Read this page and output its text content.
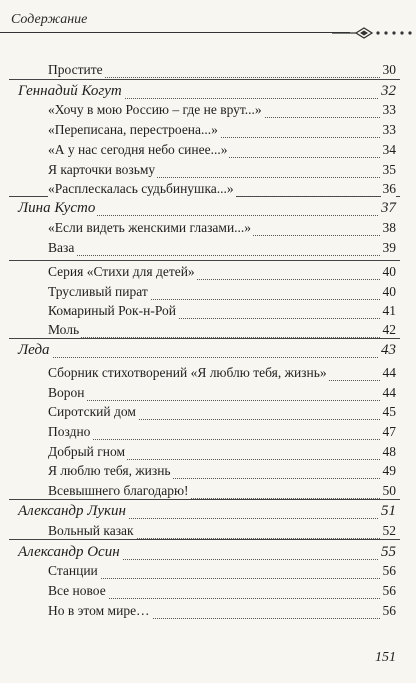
Содержание
Простите	30
Геннадий Когут	32
«Хочу в мою Россию – где не врут...»	33
«Переписана, перестроена...»	33
«А у нас сегодня небо синее...»	34
Я карточки возьму	35
«Расплескалась судьбинушка...»	36
Лина Кусто	37
«Если видеть женскими глазами...»	38
Ваза	39
Серия «Стихи для детей»	40
Трусливый пират	40
Комариный Рок-н-Рой	41
Моль	42
Леда	43
Сборник стихотворений «Я люблю тебя, жизнь»	44
Ворон	44
Сиротский дом	45
Поздно	47
Добрый гном	48
Я люблю тебя, жизнь	49
Всевышнего благодарю!	50
Александр Лукин	51
Вольный казак	52
Александр Осин	55
Станции	56
Все новое	56
Но в этом мире…	56
151
